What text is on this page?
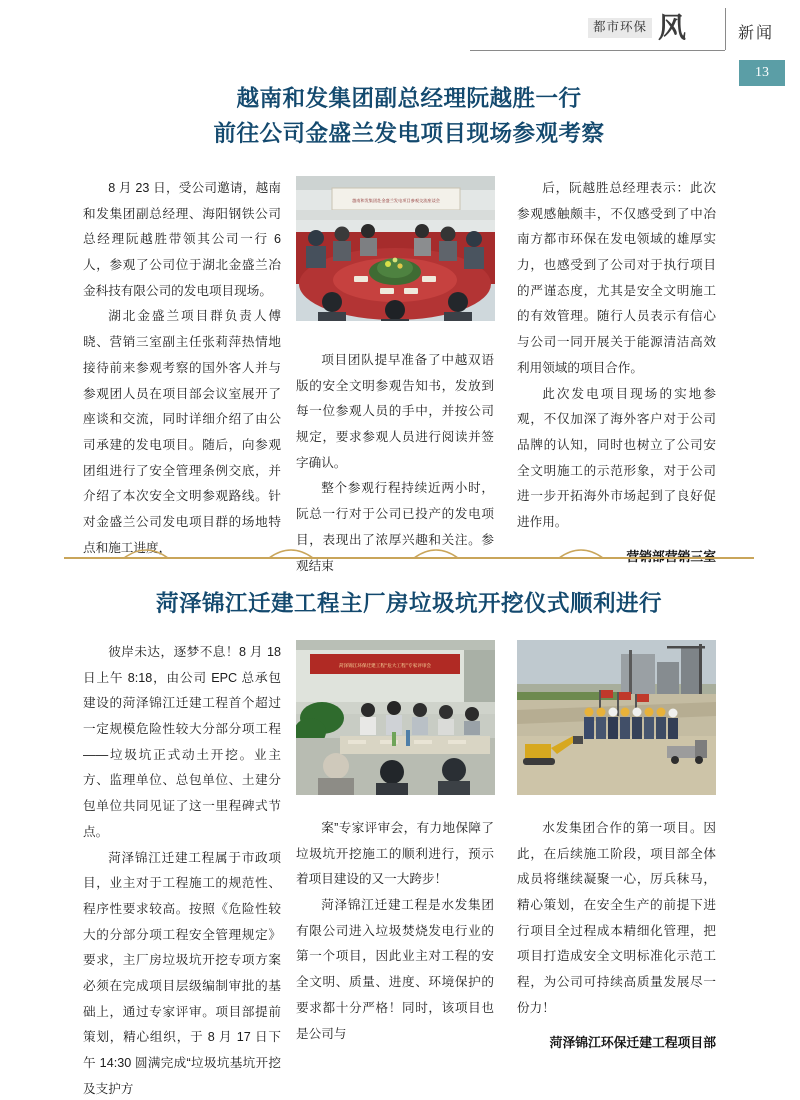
都市环保 风	新闻
13
越南和发集团副总经理阮越胜一行
前往公司金盛兰发电项目现场参观考察

8 月 23 日，受公司邀请，越南和发集团副总经理、海阳钢铁公司总经理阮越胜带领其公司一行 6 人，参观了公司位于湖北金盛兰冶金科技有限公司的发电项目现场。

湖北金盛兰项目群负责人傅晓、营销三室副主任张莉萍热情地接待前来参观考察的国外客人并与参观团人员在项目部会议室展开了座谈和交流，同时详细介绍了由公司承建的发电项目。随后，向参观团组进行了安全管理条例交底，并介绍了本次安全文明参观路线。针对金盛兰公司发电项目群的场地特点和施工进度，

越南和发集团赴金盛兰发电项目参观交流座谈会

项目团队提早准备了中越双语版的安全文明参观告知书，发放到每一位参观人员的手中，并按公司规定，要求参观人员进行阅读并签字确认。

整个参观行程持续近两小时，阮总一行对于公司已投产的发电项目，表现出了浓厚兴趣和关注。参观结束

后，阮越胜总经理表示：此次参观感触颇丰，不仅感受到了中冶南方都市环保在发电领域的雄厚实力，也感受到了公司对于执行项目的严谨态度，尤其是安全文明施工的有效管理。随行人员表示有信心与公司一同开展关于能源清洁高效利用领域的项目合作。

此次发电项目现场的实地参观，不仅加深了海外客户对于公司品牌的认知，同时也树立了公司安全文明施工的示范形象，对于公司进一步开拓海外市场起到了良好促进作用。

菏泽锦江迁建工程主厂房垃圾坑开挖仪式顺利进行

彼岸未达，逐梦不息！8 月 18 日上午 8:18，由公司 EPC 总承包建设的菏泽锦江迁建工程首个超过一定规模危险性较大分部分项工程——垃圾坑正式动土开挖。业主方、监理单位、总包单位、土建分包单位共同见证了这一里程碑式节点。

菏泽锦江迁建工程属于市政项目，业主对于工程施工的规范性、程序性要求较高。按照《危险性较大的分部分项工程安全管理规定》要求，主厂房垃圾坑开挖专项方案必须在完成项目层级编制审批的基础上，通过专家评审。项目部提前策划，精心组织，于 8 月 17 日下午 14:30 圆满完成“垃圾坑基坑开挖及支护方

菏泽锦江环保迁建工程“危大工程”专家评审会

案”专家评审会，有力地保障了垃圾坑开挖施工的顺利进行，预示着项目建设的又一大跨步！

菏泽锦江迁建工程是水发集团有限公司进入垃圾焚烧发电行业的第一个项目，因此业主对工程的安全文明、质量、进度、环境保护的要求都十分严格！同时，该项目也是公司与

水发集团合作的第一项目。因此，在后续施工阶段，项目部全体成员将继续凝聚一心，厉兵秣马，精心策划，在安全生产的前提下进行项目全过程成本精细化管理，把项目打造成安全文明标准化示范工程，为公司可持续高质量发展尽一份力！

菏泽锦江环保迁建工程项目部
